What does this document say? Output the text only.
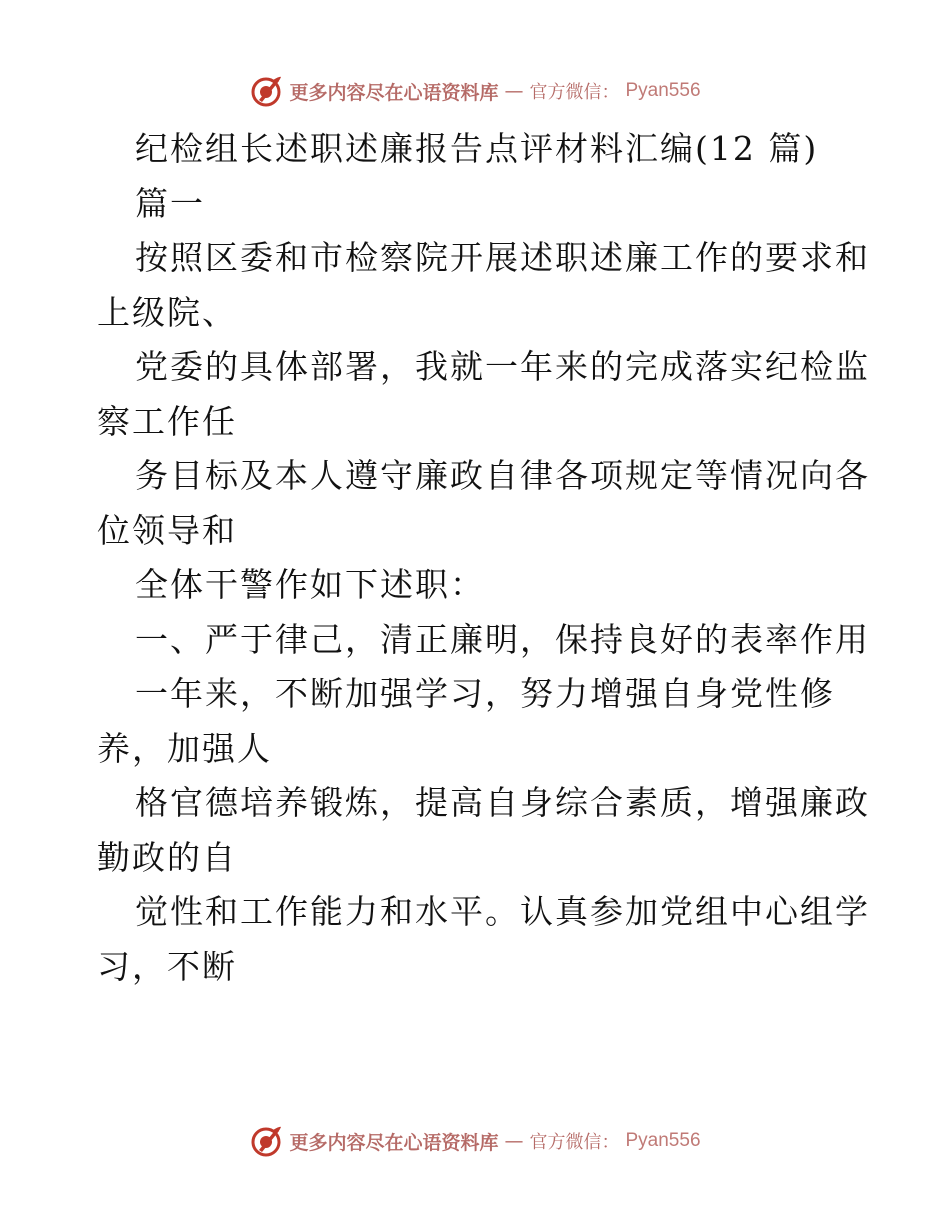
更多内容尽在心语资料库 — 官方微信： Pyan556
纪检组长述职述廉报告点评材料汇编(12 篇)
篇一
按照区委和市检察院开展述职述廉工作的要求和
上级院、
党委的具体部署，我就一年来的完成落实纪检监
察工作任
务目标及本人遵守廉政自律各项规定等情况向各
位领导和
全体干警作如下述职：
一、严于律己，清正廉明，保持良好的表率作用
一年来，不断加强学习，努力增强自身党性修
养，加强人
格官德培养锻炼，提高自身综合素质，增强廉政
勤政的自
觉性和工作能力和水平。认真参加党组中心组学
习，不断
更多内容尽在心语资料库 — 官方微信： Pyan556
